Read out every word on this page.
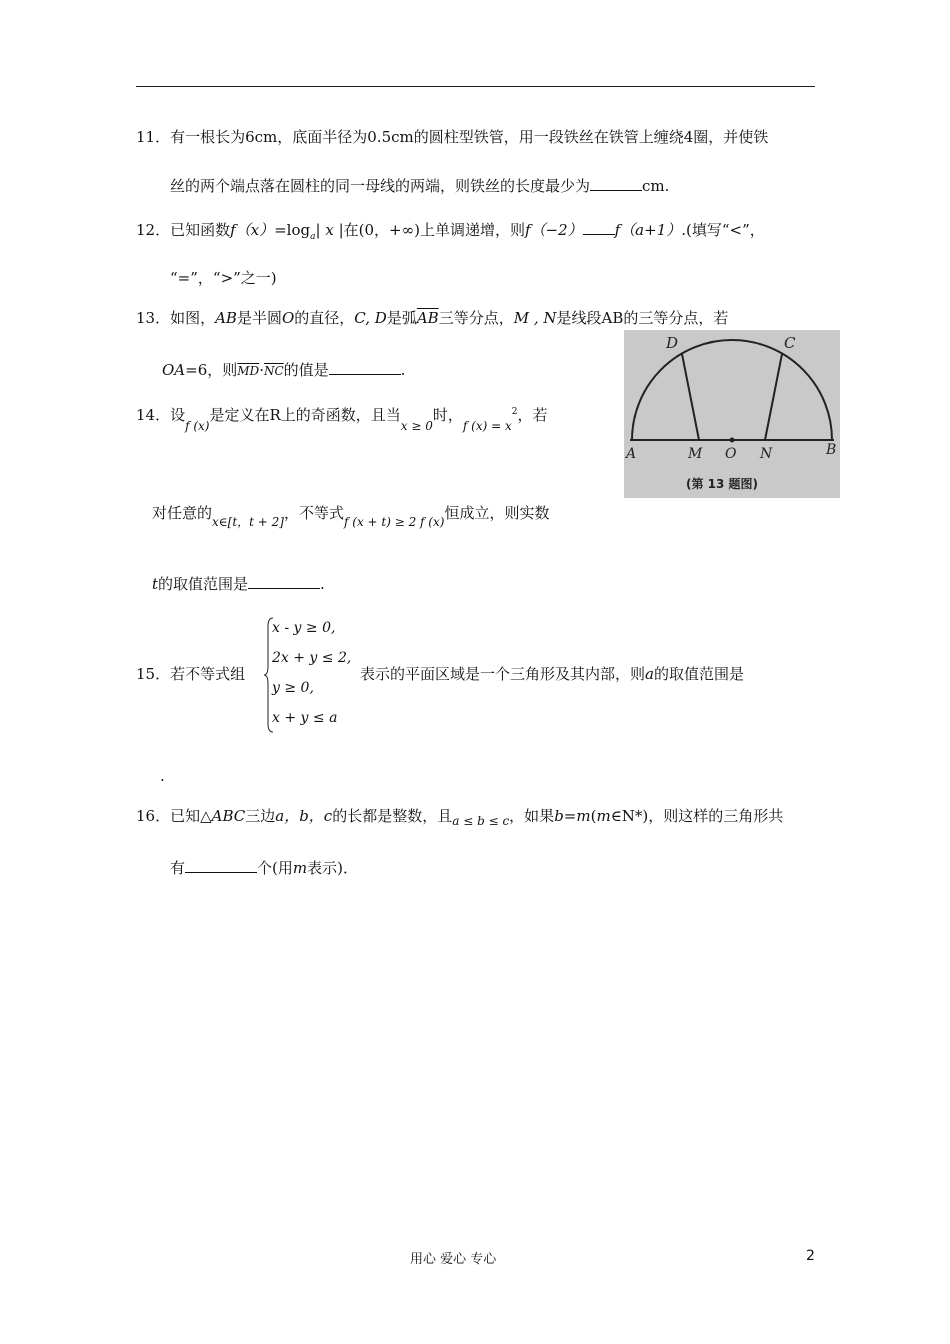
11．有一根长为6cm，底面半径为0.5cm的圆柱型铁管，用一段铁丝在铁管上缠绕4圈，并使铁
丝的两个端点落在圆柱的同一母线的两端，则铁丝的长度最少为	cm.
12．已知函数$f(x)=\log_a|$ x |在(0，+∞)上单调递增，则f（−2） f（a+1）.(填写“<”，
“=”，“>”之一)
13．如图，AB是半圆O的直径，C, D是弧$\overline{AB}$三等分点，M , N是线段AB的三等分点，若
OA=6，则$\overline{MD}\cdot\overline{NC}$的值是	.
D	C
A	M O N	B
(第 13 题图)
14．设$_{f (x)}$是定义在R上的奇函数，且当$_{x \ge 0}$时，$_{f (x) = x}^2$，若
对任意的$_{x\in[t,t + 2]}$，不等式$_{f (x + t) \ge 2 f (x)}$恒成立，则实数
t的取值范围是	.
15．若不等式组
x - y ≥ 0,
2x + y ≤ 2,
y ≥ 0,
x + y ≤ a
表示的平面区域是一个三角形及其内部，则a的取值范围是
.
16．已知△ABC三边a，b，c的长都是整数，且$_{a \le b \le c}$，如果b=m(m∈N*)，则这样的三角形共
有	个(用m表示)．
用心 爱心 专心	2
